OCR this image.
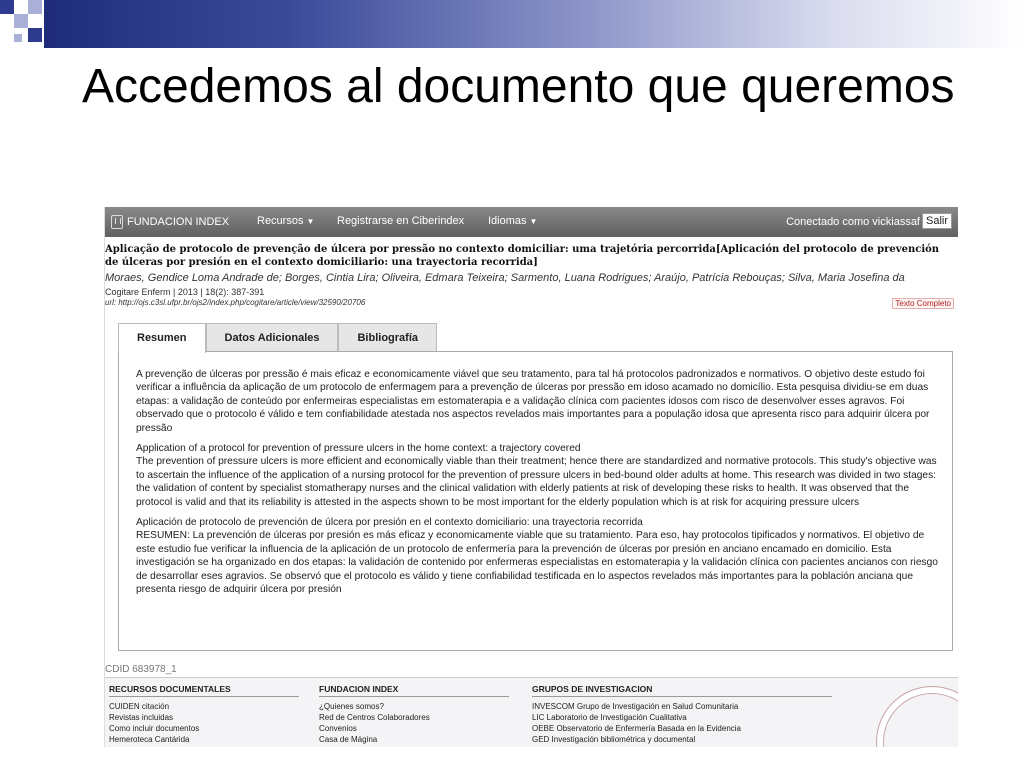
Accedemos al documento que queremos
FUNDACION INDEX	Recursos ▼ Registrarse en Ciberindex Idiomas ▼	Conectado como vickiassaf Salir
Aplicação de protocolo de prevenção de úlcera por pressão no contexto domiciliar: uma trajetória percorrida[Aplicación del protocolo de prevención de úlceras por presión en el contexto domiciliario: una trayectoria recorrida]
Moraes, Gendice Loma Andrade de; Borges, Cintia Lira; Oliveira, Edmara Teixeira; Sarmento, Luana Rodrigues; Araújo, Patrícia Rebouças; Silva, Maria Josefina da
Cogitare Enferm | 2013 | 18(2): 387-391
url: http://ojs.c3sl.ufpr.br/ojs2/index.php/cogitare/article/view/32590/20706	Texto Completo
Resumen	Datos Adicionales	Bibliografía

A prevenção de úlceras por pressão é mais eficaz e economicamente viável que seu tratamento, para tal há protocolos padronizados e normativos. O objetivo deste estudo foi verificar a influência da aplicação de um protocolo de enfermagem para a prevenção de úlceras por pressão em idoso acamado no domicílio. Esta pesquisa dividiu-se em duas etapas: a validação de conteúdo por enfermeiras especialistas em estomaterapia e a validação clínica com pacientes idosos com risco de desenvolver esses agravos. Foi observado que o protocolo é válido e tem confiabilidade atestada nos aspectos revelados mais importantes para a população idosa que apresenta risco para adquirir úlcera por pressão

Application of a protocol for prevention of pressure ulcers in the home context: a trajectory covered

The prevention of pressure ulcers is more efficient and economically viable than their treatment; hence there are standardized and normative protocols. This study's objective was to ascertain the influence of the application of a nursing protocol for the prevention of pressure ulcers in bed-bound older adults at home. This research was divided in two stages: the validation of content by specialist stomatherapy nurses and the clinical validation with elderly patients at risk of developing these risks to health. It was observed that the protocol is valid and that its reliability is attested in the aspects shown to be most important for the elderly population which is at risk for acquiring pressure ulcers

Aplicación de protocolo de prevención de úlcera por presión en el contexto domiciliario: una trayectoria recorrida

RESUMEN: La prevención de úlceras por presión es más eficaz y economicamente viable que su tratamiento. Para eso, hay protocolos tipificados y normativos. El objetivo de este estudio fue verificar la influencia de la aplicación de un protocolo de enfermería para la prevención de úlceras por presión en anciano encamado en domicilio. Esta investigación se ha organizado en dos etapas: la validación de contenido por enfermeras especialistas en estomaterapia y la validación clínica con pacientes ancianos con riesgo de desarrollar eses agravios. Se observó que el protocolo es válido y tiene confiabilidad testificada en lo aspectos revelados más importantes para la población anciana que presenta riesgo de adquirir úlcera por presión

CDID 683978_1
RECURSOS DOCUMENTALES
CUIDEN citación
Revistas incluidas
Como incluir documentos
Hemeroteca Cantárida
FUNDACION INDEX
¿Quienes somos?
Red de Centros Colaboradores
Convenios
Casa de Mágina
GRUPOS DE INVESTIGACION
INVESCOM Grupo de Investigación en Salud Comunitaria
LIC Laboratorio de Investigación Cualitativa
OEBE Observatorio de Enfermería Basada en la Evidencia
GED Investigación bibliométrica y documental
